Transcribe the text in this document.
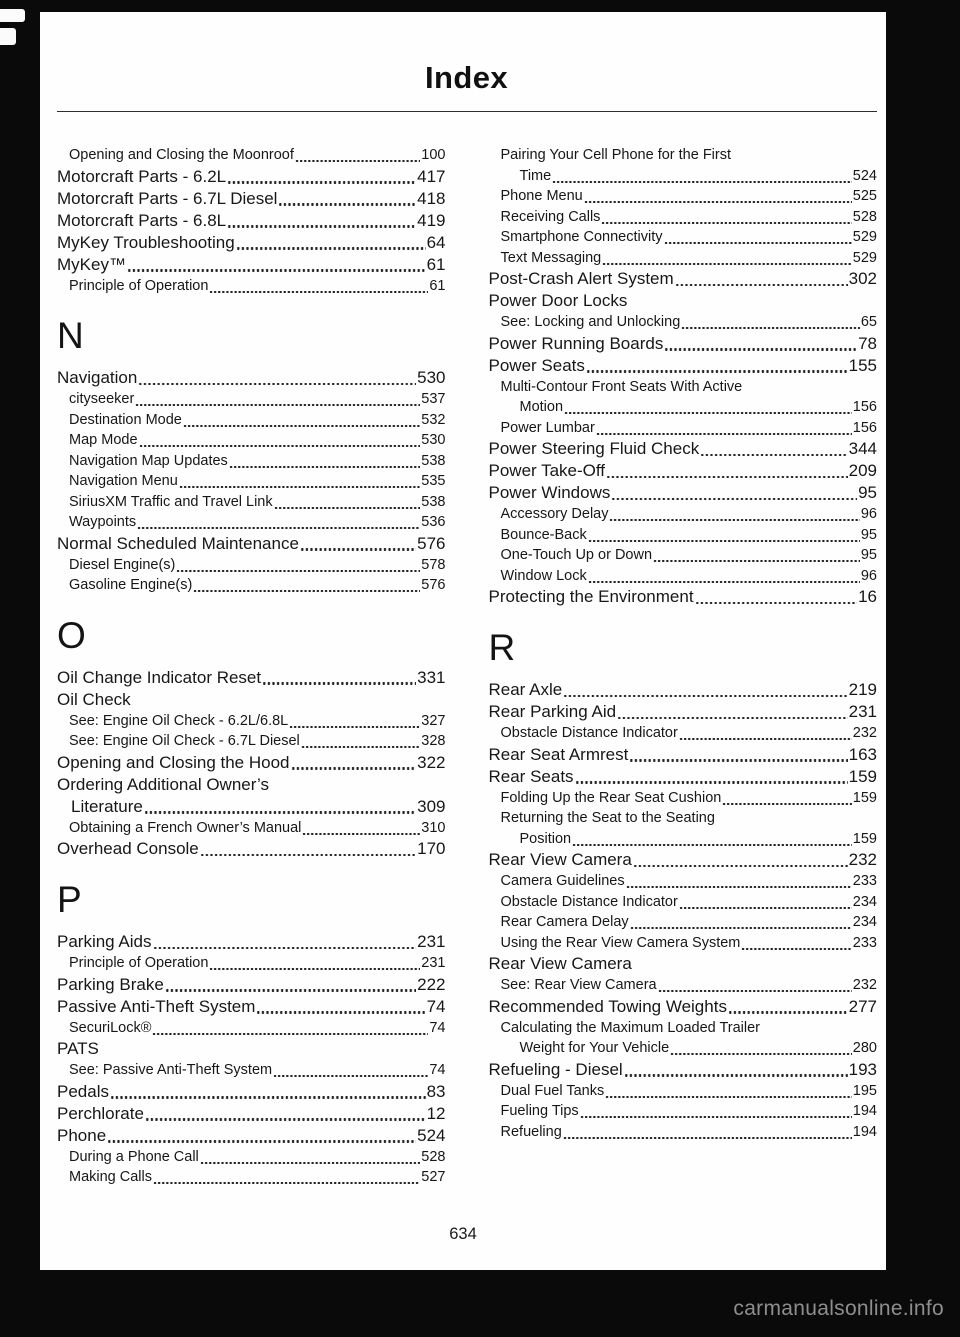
Index
Opening and Closing the Moonroof	100
Motorcraft Parts - 6.2L	417
Motorcraft Parts - 6.7L Diesel	418
Motorcraft Parts - 6.8L	419
MyKey Troubleshooting	64
MyKey™	61
Principle of Operation	61
N
Navigation	530
cityseeker	537
Destination Mode	532
Map Mode	530
Navigation Map Updates	538
Navigation Menu	535
SiriusXM Traffic and Travel Link	538
Waypoints	536
Normal Scheduled Maintenance	576
Diesel Engine(s)	578
Gasoline Engine(s)	576
O
Oil Change Indicator Reset	331
Oil Check
See: Engine Oil Check - 6.2L/6.8L	327
See: Engine Oil Check - 6.7L Diesel	328
Opening and Closing the Hood	322
Ordering Additional Owner’s
Literature	309
Obtaining a French Owner’s Manual	310
Overhead Console	170
P
Parking Aids	231
Principle of Operation	231
Parking Brake	222
Passive Anti-Theft System	74
SecuriLock®	74
PATS
See: Passive Anti-Theft System	74
Pedals	83
Perchlorate	12
Phone	524
During a Phone Call	528
Making Calls	527
Pairing Your Cell Phone for the First
Time	524
Phone Menu	525
Receiving Calls	528
Smartphone Connectivity	529
Text Messaging	529
Post-Crash Alert System	302
Power Door Locks
See: Locking and Unlocking	65
Power Running Boards	78
Power Seats	155
Multi-Contour Front Seats With Active
Motion	156
Power Lumbar	156
Power Steering Fluid Check	344
Power Take-Off	209
Power Windows	95
Accessory Delay	96
Bounce-Back	95
One-Touch Up or Down	95
Window Lock	96
Protecting the Environment	16
R
Rear Axle	219
Rear Parking Aid	231
Obstacle Distance Indicator	232
Rear Seat Armrest	163
Rear Seats	159
Folding Up the Rear Seat Cushion	159
Returning the Seat to the Seating
Position	159
Rear View Camera	232
Camera Guidelines	233
Obstacle Distance Indicator	234
Rear Camera Delay	234
Using the Rear View Camera System	233
Rear View Camera
See: Rear View Camera	232
Recommended Towing Weights	277
Calculating the Maximum Loaded Trailer
Weight for Your Vehicle	280
Refueling - Diesel	193
Dual Fuel Tanks	195
Fueling Tips	194
Refueling	194
634
carmanualsonline.info
